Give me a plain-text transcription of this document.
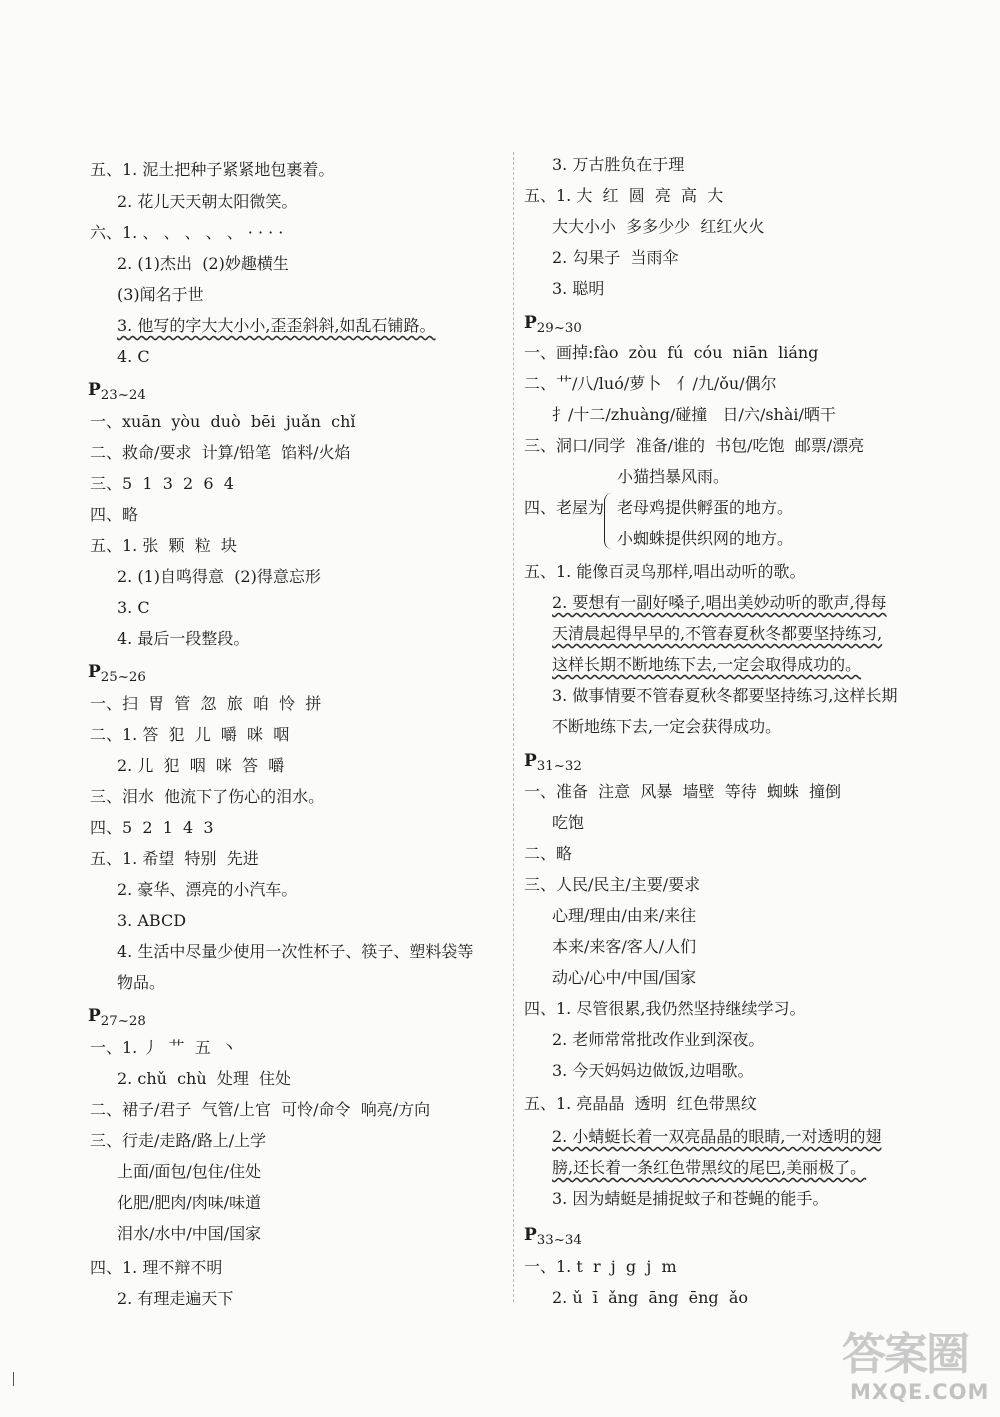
五、1. 泥土把种子紧紧地包裹着。
2. 花儿天天朝太阳微笑。
六、1. 、 、 、 、 、 · · · ·
2. (1)杰出  (2)妙趣横生
(3)闻名于世
3. 他写的字大大小小,歪歪斜斜,如乱石铺路。
4. C
$P_{23\sim 24}$
一、xuān  yòu  duò  bēi  juǎn  chǐ
二、救命/要求  计算/铅笔  馅料/火焰
三、5  1  3  2  6  4
四、略
五、1. 张  颗  粒  块
2. (1)自鸣得意  (2)得意忘形
3. C
4. 最后一段整段。
$P_{25\sim 26}$
一、扫  胃  管  忽  旅  咱  怜  拼
二、1. 答  犯  儿  嚼  咪  咽
2. 儿  犯  咽  咪  答  嚼
三、泪水  他流下了伤心的泪水。
四、5  2  1  4  3
五、1. 希望  特别  先进
2. 豪华、漂亮的小汽车。
3. ABCD
4. 生活中尽量少使用一次性杯子、筷子、塑料袋等
物品。
$P_{27\sim 28}$
一、1. 丿  艹  五  丶
2. chǔ  chù  处理  住处
二、裙子/君子  气管/上官  可怜/命令  响亮/方向
三、行走/走路/路上/上学
上面/面包/包住/住处
化肥/肥肉/肉味/味道
泪水/水中/中国/国家
四、1. 理不辩不明
2. 有理走遍天下
3. 万古胜负在于理
五、1. 大  红  圆  亮  高  大
大大小小  多多少少  红红火火
2. 勾果子  当雨伞
3. 聪明
$P_{29\sim 30}$
一、画掉:fào  zòu  fú  cóu  niān  liáng
二、艹/八/luó/萝卜   亻/九/ǒu/偶尔
扌/十二/zhuàng/碰撞   日/六/shài/晒干
三、洞口/同学  准备/谁的  书包/吃饱  邮票/漂亮
小猫挡暴风雨。
四、老屋为 老母鸡提供孵蛋的地方。
小蜘蛛提供织网的地方。
五、1. 能像百灵鸟那样,唱出动听的歌。
2. 要想有一副好嗓子,唱出美妙动听的歌声,得每
天清晨起得早早的,不管春夏秋冬都要坚持练习,
这样长期不断地练下去,一定会取得成功的。
3. 做事情要不管春夏秋冬都要坚持练习,这样长期
不断地练下去,一定会获得成功。
$P_{31\sim 32}$
一、准备  注意  风暴  墙壁  等待  蜘蛛  撞倒
吃饱
二、略
三、人民/民主/主要/要求
心理/理由/由来/来往
本来/来客/客人/人们
动心/心中/中国/国家
四、1. 尽管很累,我仍然坚持继续学习。
2. 老师常常批改作业到深夜。
3. 今天妈妈边做饭,边唱歌。
五、1. 亮晶晶  透明  红色带黑纹
2. 小蜻蜓长着一双亮晶晶的眼睛,一对透明的翅
膀,还长着一条红色带黑纹的尾巴,美丽极了。
3. 因为蜻蜓是捕捉蚊子和苍蝇的能手。
$P_{33\sim 34}$
一、1. t  r  j  g  j  m
2. ǔ  ī  ǎng  āng  ēng  ǎo
答案圈
MXQE.COM
